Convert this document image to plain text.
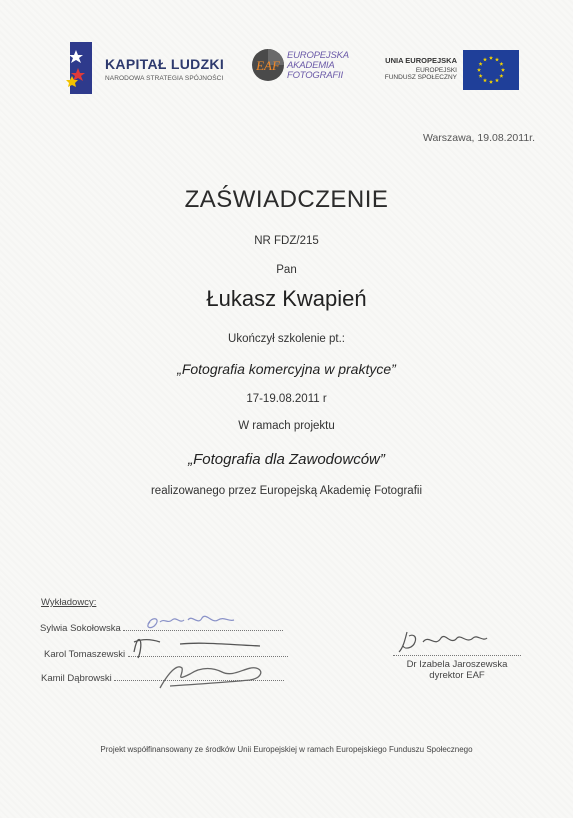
KAPITAŁ LUDZKI
NARODOWA STRATEGIA SPÓJNOŚCI
EAF
EUROPEJSKA
AKADEMIA
FOTOGRAFII
UNIA EUROPEJSKA
EUROPEJSKI
FUNDUSZ SPOŁECZNY
Warszawa, 19.08.2011r.
ZAŚWIADCZENIE
NR FDZ/215
Pan
Łukasz Kwapień
Ukończył szkolenie pt.:
„Fotografia komercyjna w praktyce”
17-19.08.2011 r
W ramach projektu
„Fotografia dla Zawodowców”
realizowanego przez Europejską Akademię Fotografii
Wykładowcy:
Sylwia Sokołowska
Karol Tomaszewski
Kamil Dąbrowski
Dr Izabela Jaroszewska
dyrektor EAF
Projekt współfinansowany ze środków Unii Europejskiej w ramach Europejskiego Funduszu Społecznego
